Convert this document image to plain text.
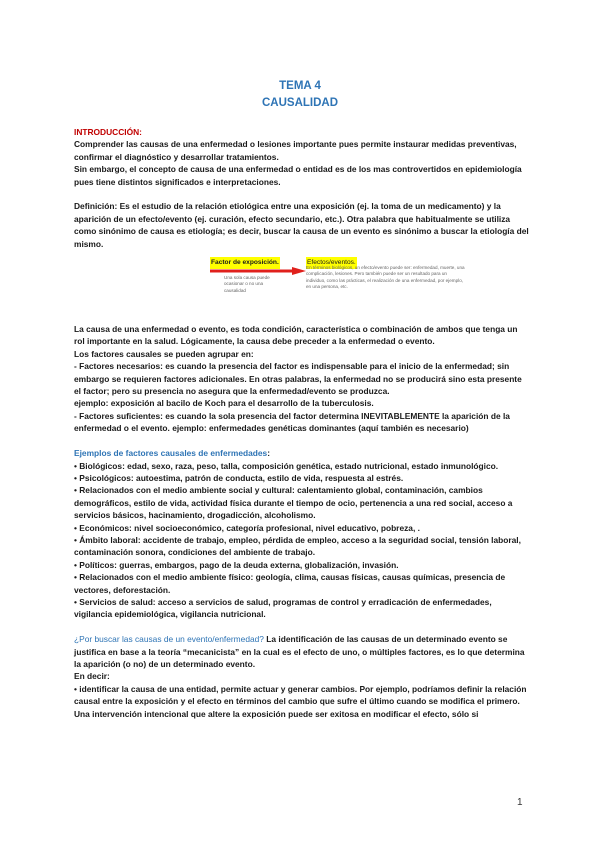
TEMA 4
CAUSALIDAD

INTRODUCCIÓN:

Comprender las causas de una enfermedad o lesiones importante pues permite instaurar medidas preventivas, confirmar el diagnóstico y desarrollar tratamientos.

Sin embargo, el concepto de causa de una enfermedad o entidad es de los mas controvertidos en epidemiología pues tiene distintos significados e interpretaciones.

Definición: Es el estudio de la relación etiológica entre una exposición (ej. la toma de un medicamento) y la aparición de un efecto/evento (ej. curación, efecto secundario, etc.). Otra palabra que habitualmente se utiliza como sinónimo de causa es etiología; es decir, buscar la causa de un evento es sinónimo a buscar la etiología del mismo.

Factor de exposición.	Efectos/eventos.
Una sola causa puede ocasionar o no una causalidad
En términos biológicos, un efecto/evento puede ser: enfermedad, muerte, una complicación, lesiones. Pero también puede ser un resultado para un individuo, como las prácticas, el realización de una enfermedad, por ejemplo, en una persona, etc.

La causa de una enfermedad o evento, es toda condición, característica o combinación de ambos que tenga un rol importante en la salud. Lógicamente, la causa debe preceder a la enfermedad o evento.

Los factores causales se pueden agrupar en:

- Factores necesarios: es cuando la presencia del factor es indispensable para el inicio de la enfermedad; sin embargo se requieren factores adicionales. En otras palabras, la enfermedad no se producirá sino esta presente el factor; pero su presencia no asegura que la enfermedad/evento se produzca.

ejemplo: exposición al bacilo de Koch para el desarrollo de la tuberculosis.

- Factores suficientes: es cuando la sola presencia del factor determina INEVITABLEMENTE la aparición de la enfermedad o el evento. ejemplo: enfermedades genéticas dominantes (aquí también es necesario)

Ejemplos de factores causales de enfermedades:

• Biológicos: edad, sexo, raza, peso, talla, composición genética, estado nutricional, estado inmunológico.

• Psicológicos: autoestima, patrón de conducta, estilo de vida, respuesta al estrés.

• Relacionados con el medio ambiente social y cultural: calentamiento global, contaminación, cambios demográficos, estilo de vida, actividad física durante el tiempo de ocio, pertenencia a una red social, acceso a servicios básicos, hacinamiento, drogadicción, alcoholismo.

• Económicos: nivel socioeconómico, categoría profesional, nivel educativo, pobreza, .

• Ámbito laboral: accidente de trabajo, empleo, pérdida de empleo, acceso a la seguridad social, tensión laboral, contaminación sonora, condiciones del ambiente de trabajo.

• Políticos: guerras, embargos, pago de la deuda externa, globalización, invasión.

• Relacionados con el medio ambiente físico: geología, clima, causas físicas, causas químicas, presencia de vectores, deforestación.

• Servicios de salud: acceso a servicios de salud, programas de control y erradicación de enfermedades, vigilancia epidemiológica, vigilancia nutricional.

¿Por buscar las causas de un evento/enfermedad? La identificación de las causas de un determinado evento se justifica en base a la teoría “mecanicista” en la cual es el efecto de uno, o múltiples factores, es lo que determina la aparición (o no) de un determinado evento.

En decir:

• identificar la causa de una entidad, permite actuar y generar cambios. Por ejemplo, podríamos definir la relación causal entre la exposición y el efecto en términos del cambio que sufre el último cuando se modifica el primero. Una intervención intencional que altere la exposición puede ser exitosa en modificar el efecto, sólo si

1
